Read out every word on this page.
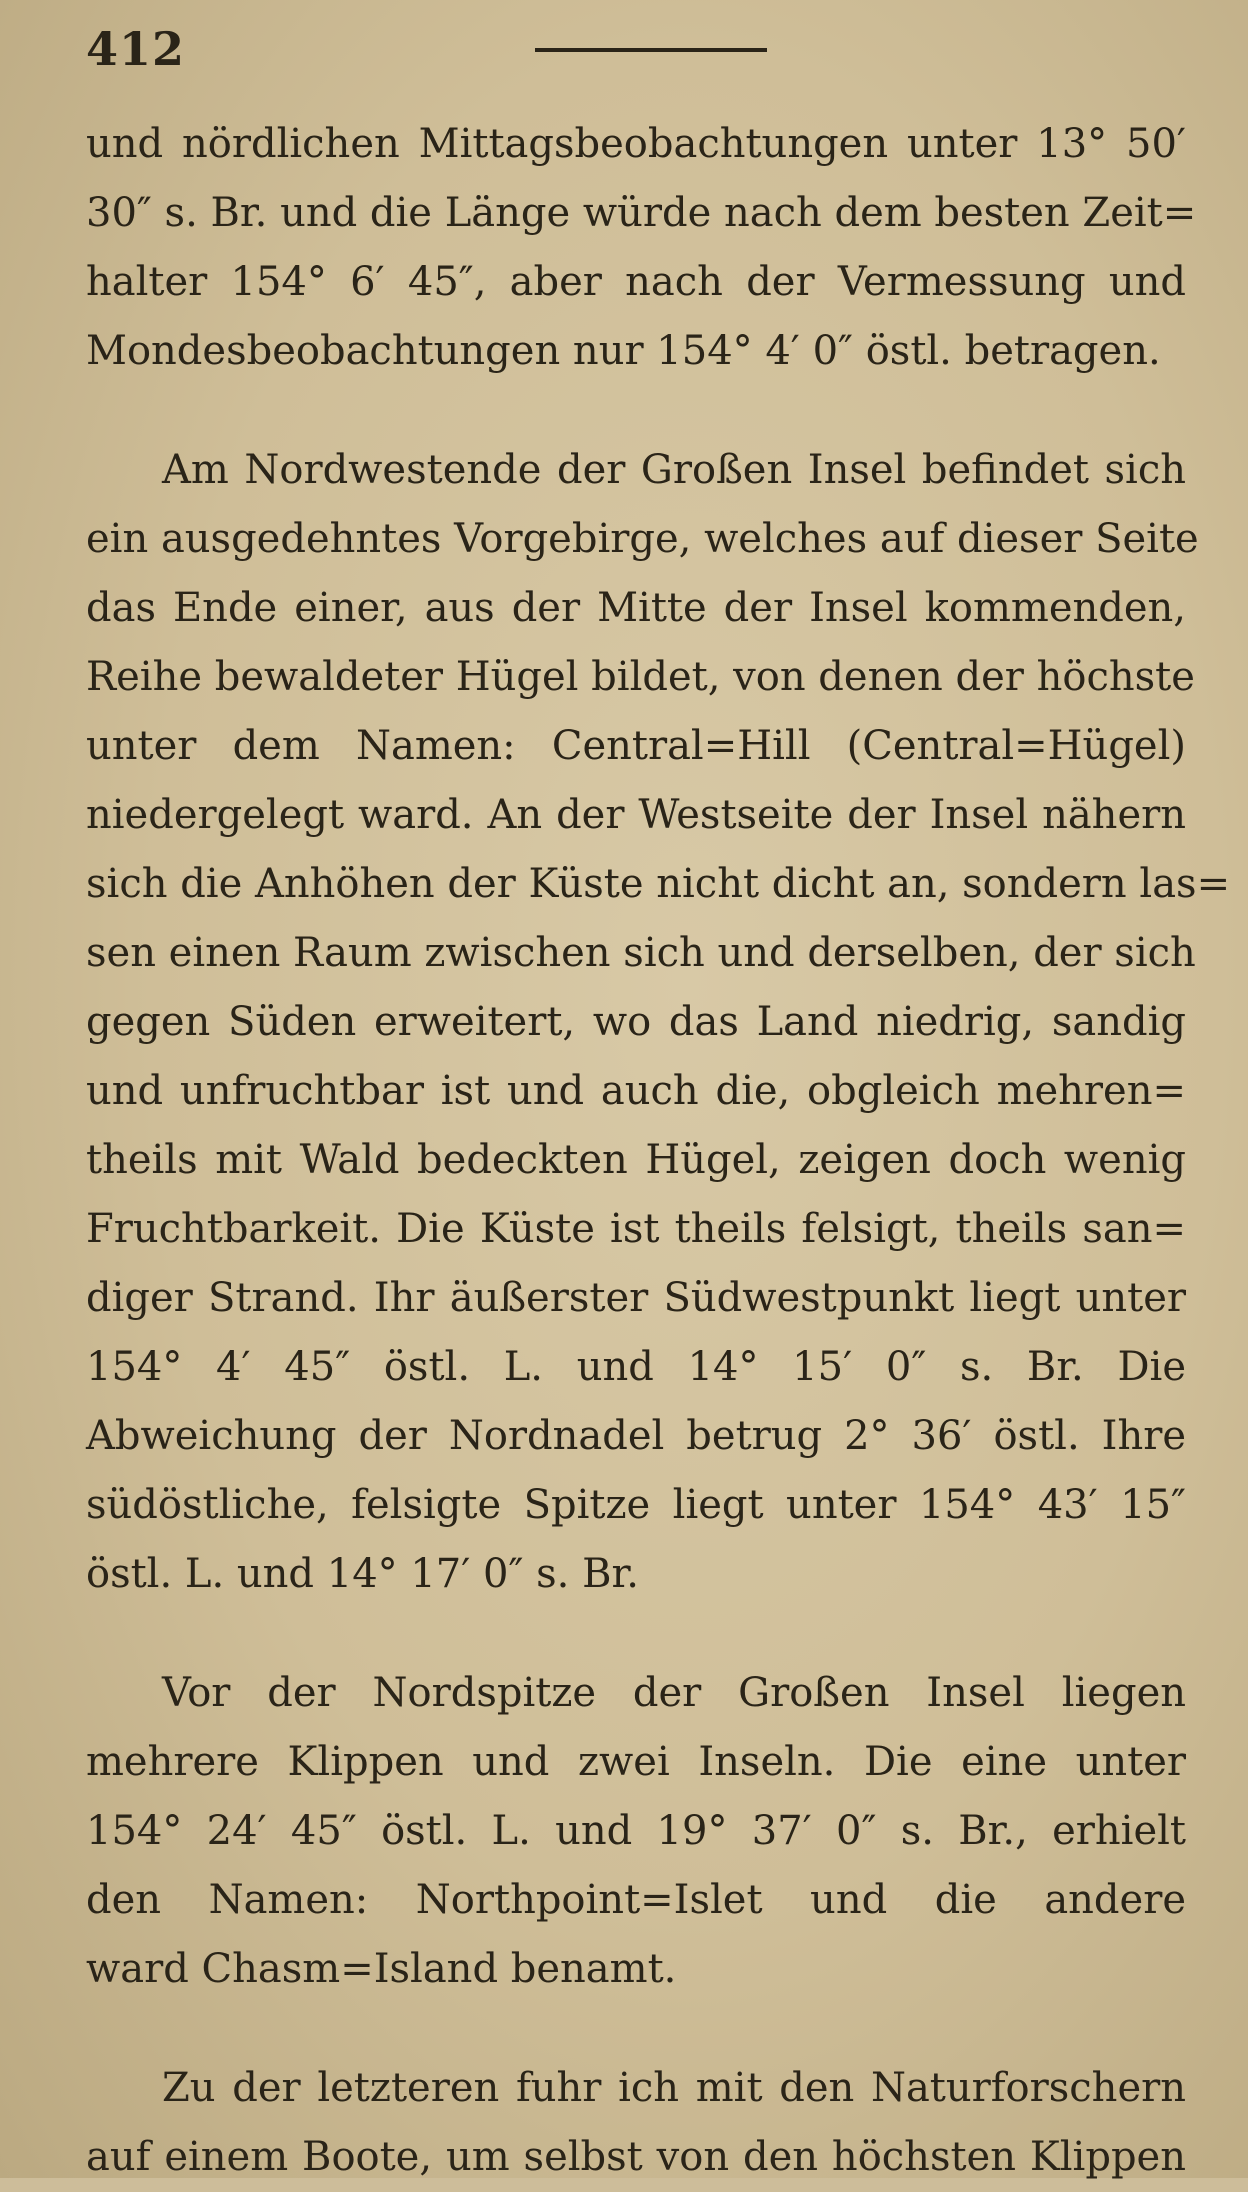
412

und nördlichen Mittagsbeobachtungen unter 13° 50′
30″ s. Br. und die Länge würde nach dem besten Zeit=
halter 154° 6′ 45″, aber nach der Vermessung und
Mondesbeobachtungen nur 154° 4′ 0″ östl. betragen.
Am Nordwestende der Großen Insel befindet sich
ein ausgedehntes Vorgebirge, welches auf dieser Seite
das Ende einer, aus der Mitte der Insel kommenden,
Reihe bewaldeter Hügel bildet, von denen der höchste
unter dem Namen: Central=Hill (Central=Hügel)
niedergelegt ward. An der Westseite der Insel nähern
sich die Anhöhen der Küste nicht dicht an, sondern las=
sen einen Raum zwischen sich und derselben, der sich
gegen Süden erweitert, wo das Land niedrig, sandig
und unfruchtbar ist und auch die, obgleich mehren=
theils mit Wald bedeckten Hügel, zeigen doch wenig
Fruchtbarkeit. Die Küste ist theils felsigt, theils san=
diger Strand. Ihr äußerster Südwestpunkt liegt unter
154° 4′ 45″ östl. L. und 14° 15′ 0″ s. Br. Die
Abweichung der Nordnadel betrug 2° 36′ östl. Ihre
südöstliche, felsigte Spitze liegt unter 154° 43′ 15″
östl. L. und 14° 17′ 0″ s. Br.
Vor der Nordspitze der Großen Insel liegen
mehrere Klippen und zwei Inseln. Die eine unter
154° 24′ 45″ östl. L. und 19° 37′ 0″ s. Br., erhielt
den Namen: Northpoint=Islet und die andere
ward Chasm=Island benamt.
Zu der letzteren fuhr ich mit den Naturforschern
auf einem Boote, um selbst von den höchsten Klippen
